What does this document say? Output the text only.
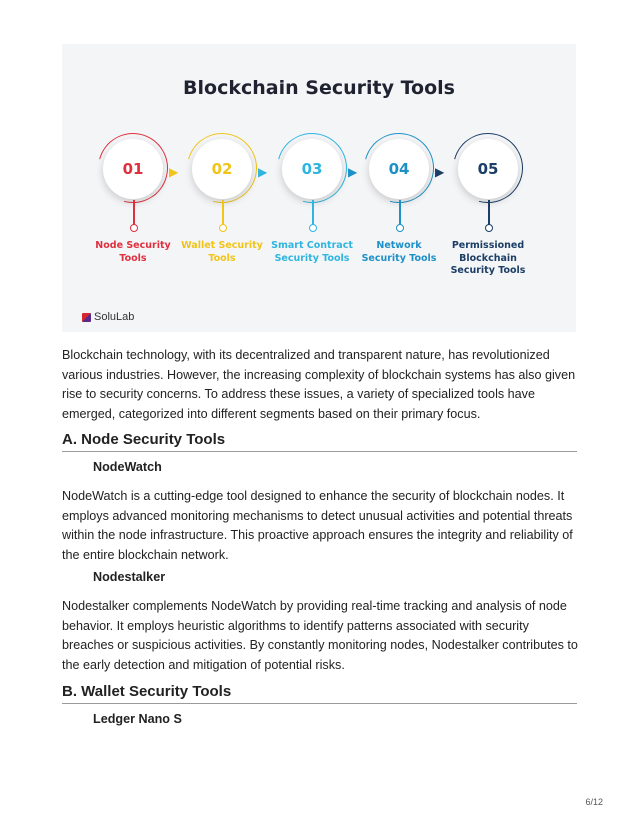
Blockchain Security Tools
01
Node Security
Tools
▶ 02
Wallet Security
Tools
▶ 03
Smart Contract
Security Tools
▶ 04
Network
Security Tools
▶ 05
Permissioned
Blockchain
Security Tools
SoluLab
Blockchain technology, with its decentralized and transparent nature, has revolutionized various industries. However, the increasing complexity of blockchain systems has also given rise to security concerns. To address these issues, a variety of specialized tools have emerged, categorized into different segments based on their primary focus.
A. Node Security Tools
NodeWatch
NodeWatch is a cutting-edge tool designed to enhance the security of blockchain nodes. It employs advanced monitoring mechanisms to detect unusual activities and potential threats within the node infrastructure. This proactive approach ensures the integrity and reliability of the entire blockchain network.
Nodestalker
Nodestalker complements NodeWatch by providing real-time tracking and analysis of node behavior. It employs heuristic algorithms to identify patterns associated with security breaches or suspicious activities. By constantly monitoring nodes, Nodestalker contributes to the early detection and mitigation of potential risks.
B. Wallet Security Tools
Ledger Nano S
6/12
